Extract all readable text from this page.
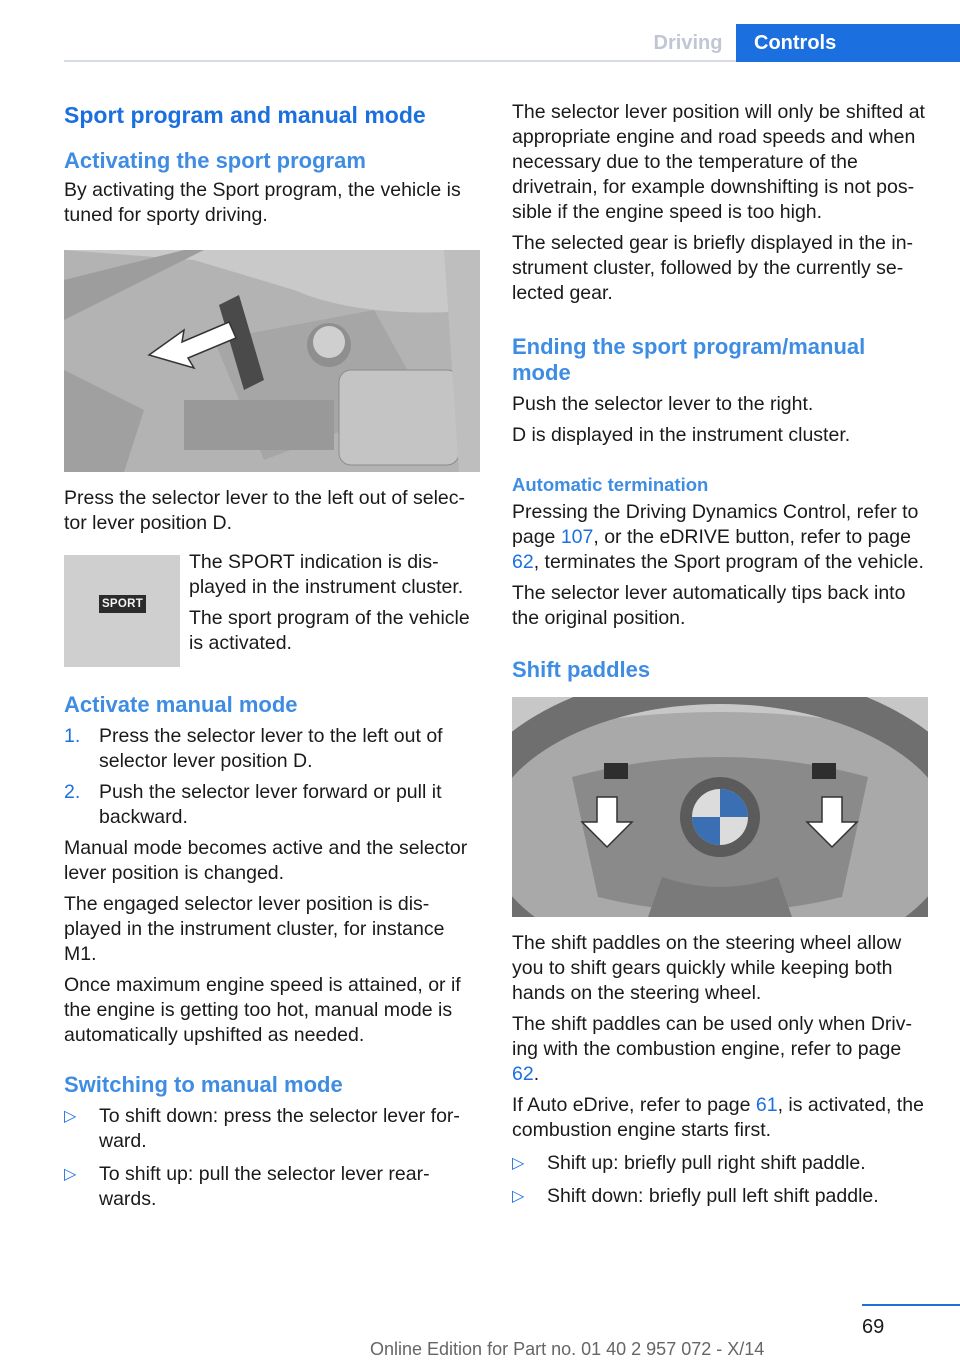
Driving	Controls
Sport program and manual mode
Activating the sport program

By activating the Sport program, the vehicle is tuned for sporty driving.

Press the selector lever to the left out of selec‐ tor lever position D.

SPORT

The SPORT indication is dis‐ played in the instrument cluster.

The sport program of the vehicle is activated.

Activate manual mode
1. Press the selector lever to the left out of selector lever position D.
2. Push the selector lever forward or pull it backward.

Manual mode becomes active and the selector lever position is changed.

The engaged selector lever position is dis‐ played in the instrument cluster, for instance M1.

Once maximum engine speed is attained, or if the engine is getting too hot, manual mode is automatically upshifted as needed.

Switching to manual mode
▷ To shift down: press the selector lever for‐ ward.
▷ To shift up: pull the selector lever rear‐ wards.

The selector lever position will only be shifted at appropriate engine and road speeds and when necessary due to the temperature of the drivetrain, for example downshifting is not pos‐ sible if the engine speed is too high.

The selected gear is briefly displayed in the in‐ strument cluster, followed by the currently se‐ lected gear.

Ending the sport program/manual mode

Push the selector lever to the right.

D is displayed in the instrument cluster.

Automatic termination

Pressing the Driving Dynamics Control, refer to page 107, or the eDRIVE button, refer to page 62, terminates the Sport program of the vehicle.

The selector lever automatically tips back into the original position.

Shift paddles

The shift paddles on the steering wheel allow you to shift gears quickly while keeping both hands on the steering wheel.

The shift paddles can be used only when Driv‐ ing with the combustion engine, refer to page 62.

If Auto eDrive, refer to page 61, is activated, the combustion engine starts first.

▷ Shift up: briefly pull right shift paddle.
▷ Shift down: briefly pull left shift paddle.
69
Online Edition for Part no. 01 40 2 957 072 - X/14
